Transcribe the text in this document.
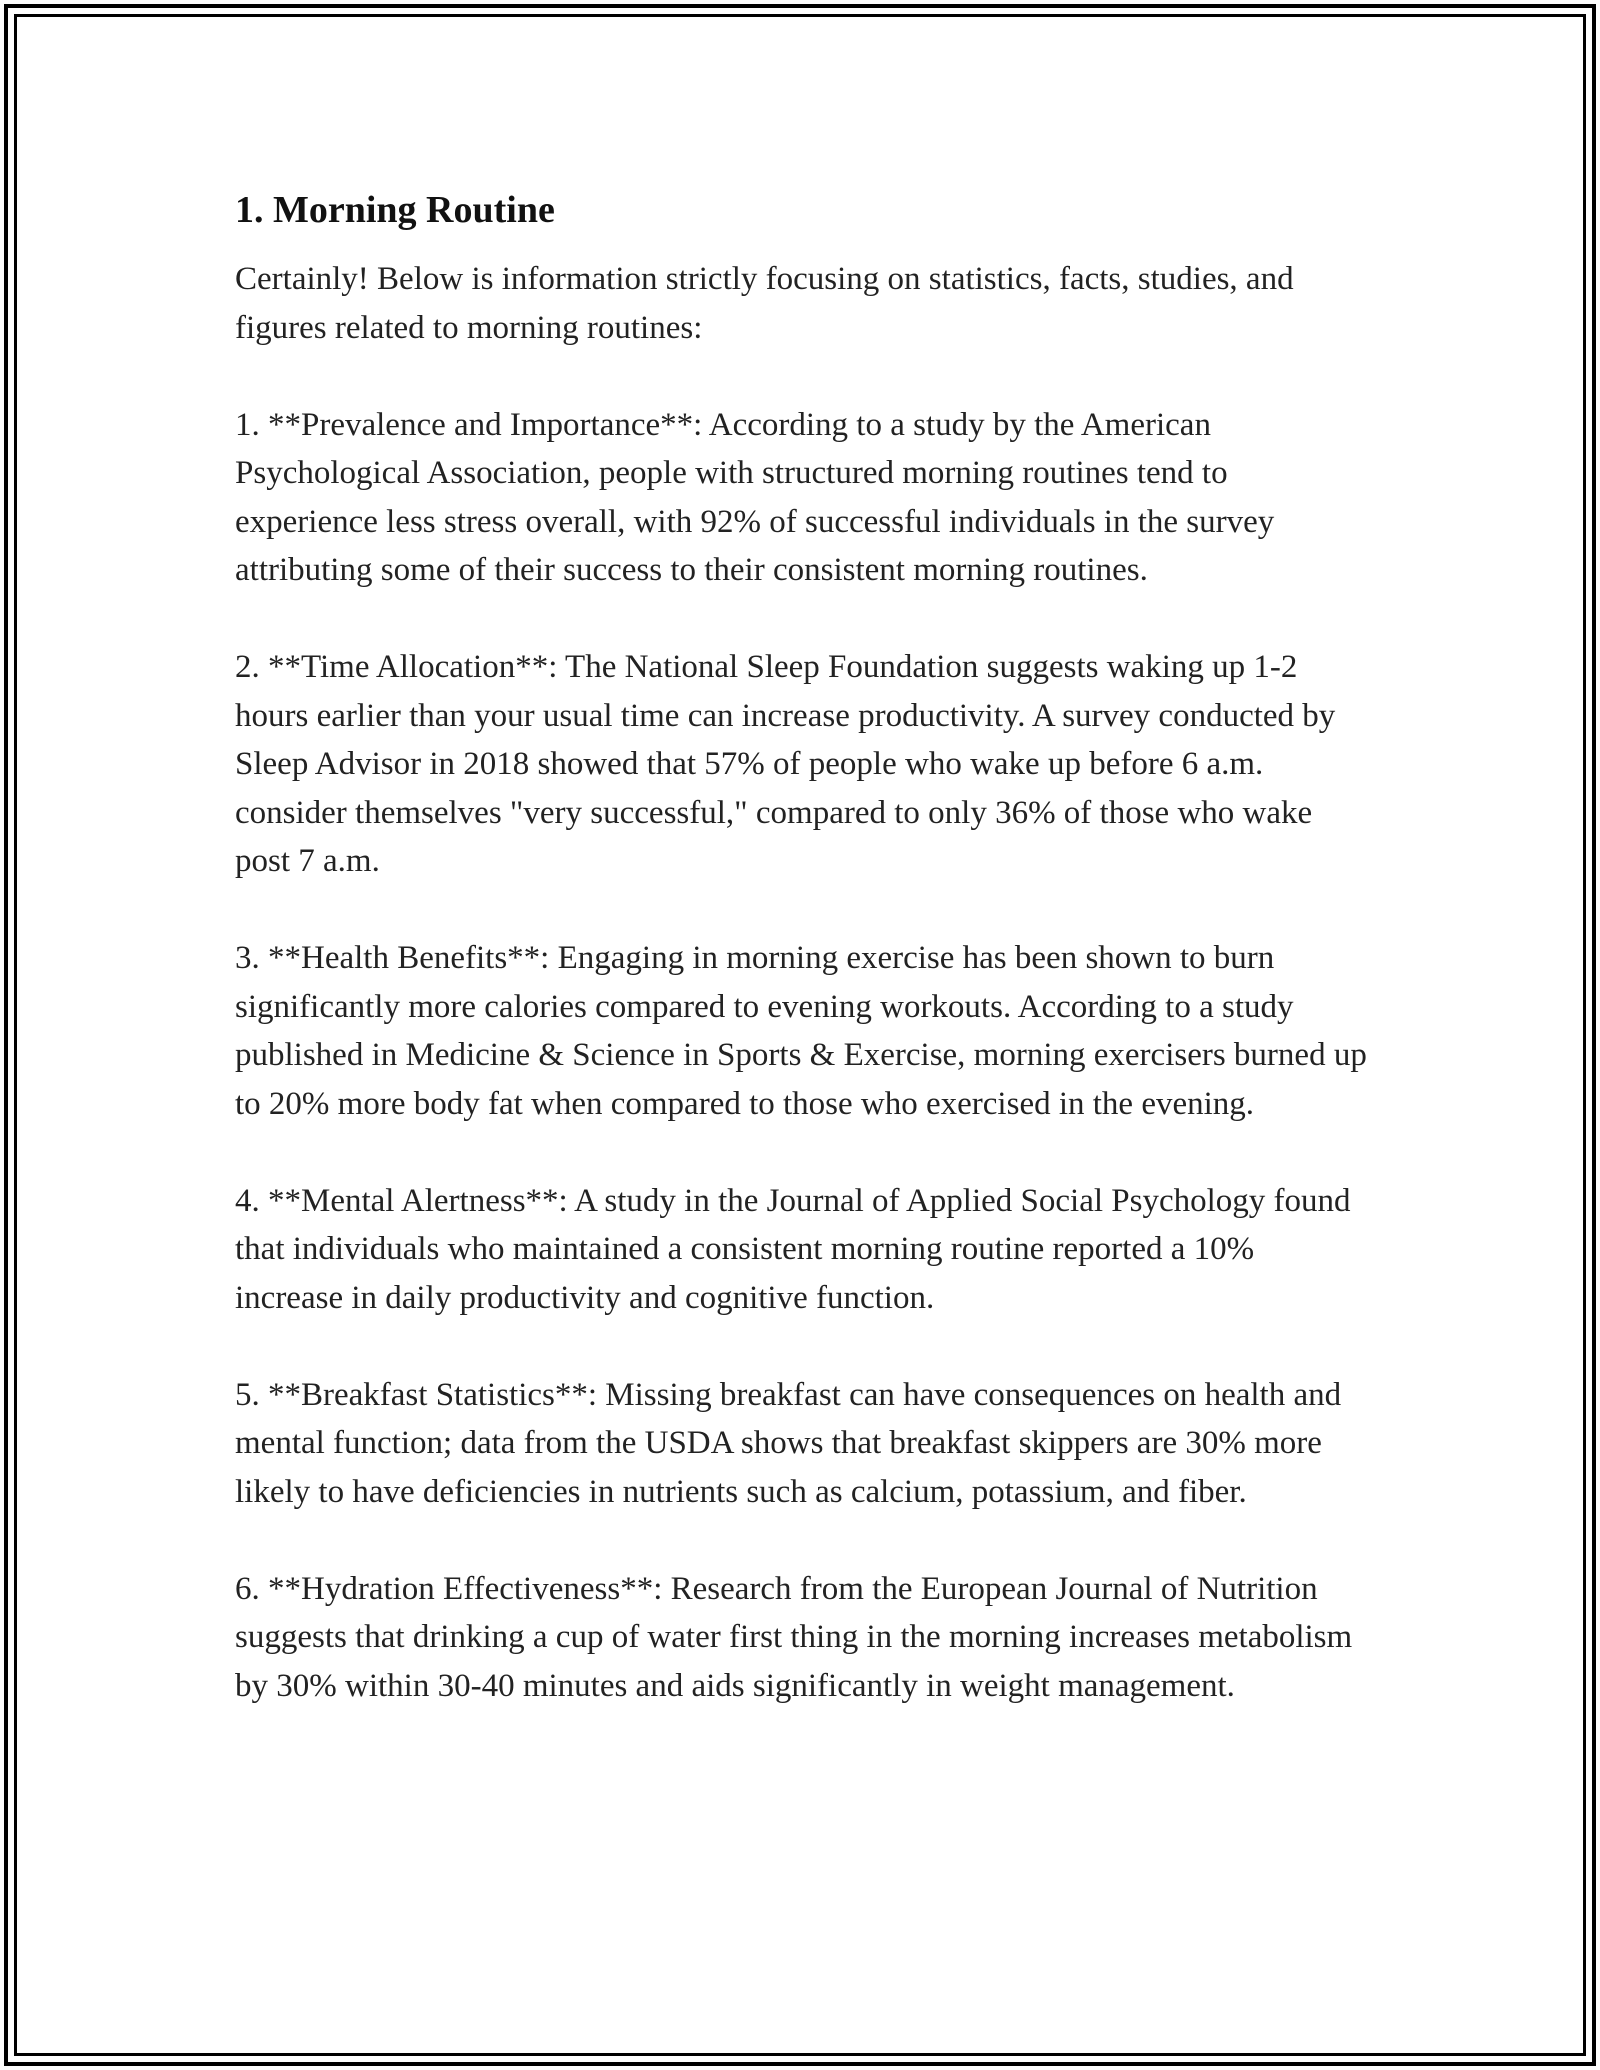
1. Morning Routine

Certainly! Below is information strictly focusing on statistics, facts, studies, and figures related to morning routines:

1. **Prevalence and Importance**: According to a study by the American Psychological Association, people with structured morning routines tend to experience less stress overall, with 92% of successful individuals in the survey attributing some of their success to their consistent morning routines.

2. **Time Allocation**: The National Sleep Foundation suggests waking up 1-2 hours earlier than your usual time can increase productivity. A survey conducted by Sleep Advisor in 2018 showed that 57% of people who wake up before 6 a.m. consider themselves "very successful," compared to only 36% of those who wake post 7 a.m.

3. **Health Benefits**: Engaging in morning exercise has been shown to burn significantly more calories compared to evening workouts. According to a study published in Medicine & Science in Sports & Exercise, morning exercisers burned up to 20% more body fat when compared to those who exercised in the evening.

4. **Mental Alertness**: A study in the Journal of Applied Social Psychology found that individuals who maintained a consistent morning routine reported a 10% increase in daily productivity and cognitive function.

5. **Breakfast Statistics**: Missing breakfast can have consequences on health and mental function; data from the USDA shows that breakfast skippers are 30% more likely to have deficiencies in nutrients such as calcium, potassium, and fiber.

6. **Hydration Effectiveness**: Research from the European Journal of Nutrition suggests that drinking a cup of water first thing in the morning increases metabolism by 30% within 30-40 minutes and aids significantly in weight management.
